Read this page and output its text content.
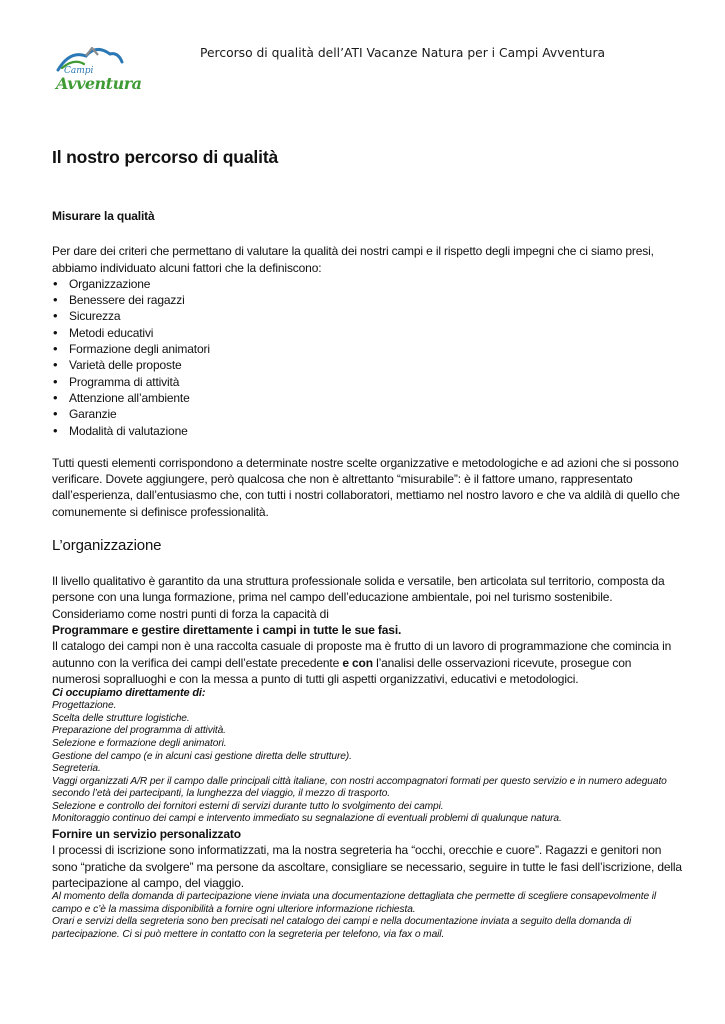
Campi
Avventura
Percorso di qualità dell’ATI Vacanze Natura per i Campi Avventura
Il nostro percorso di qualità
Misurare la qualità

Per dare dei criteri che permettano di valutare la qualità dei nostri campi e il rispetto degli impegni che ci siamo presi, abbiamo individuato alcuni fattori che la definiscono:

• Organizzazione
• Benessere dei ragazzi
• Sicurezza
• Metodi educativi
• Formazione degli animatori
• Varietà delle proposte
• Programma di attività
• Attenzione all’ambiente
• Garanzie
• Modalità di valutazione

Tutti questi elementi corrispondono a determinate nostre scelte organizzative e metodologiche e ad azioni che si possono verificare. Dovete aggiungere, però qualcosa che non è altrettanto “misurabile”: è il fattore umano, rappresentato dall’esperienza, dall’entusiasmo che, con tutti i nostri collaboratori, mettiamo nel nostro lavoro e che va aldilà di quello che comunemente si definisce professionalità.

L’organizzazione

Il livello qualitativo è garantito da una struttura professionale solida e versatile, ben articolata sul territorio, composta da persone con una lunga formazione, prima nel campo dell’educazione ambientale, poi nel turismo sostenibile.

Consideriamo come nostri punti di forza la capacità di

Programmare e gestire direttamente i campi in tutte le sue fasi.

Il catalogo dei campi non è una raccolta casuale di proposte ma è frutto di un lavoro di programmazione che comincia in autunno con la verifica dei campi dell’estate precedente e con l’analisi delle osservazioni ricevute, prosegue con numerosi sopralluoghi e con la messa a punto di tutti gli aspetti organizzativi, educativi e metodologici.

Ci occupiamo direttamente di:
Progettazione.
Scelta delle strutture logistiche.
Preparazione del programma di attività.
Selezione e formazione degli animatori.
Gestione del campo (e in alcuni casi gestione diretta delle strutture).
Segreteria.
Vaggi organizzati A/R per il campo dalle principali città italiane, con nostri accompagnatori formati per questo servizio e in numero adeguato secondo l’età dei partecipanti, la lunghezza del viaggio, il mezzo di trasporto.
Selezione e controllo dei fornitori esterni di servizi durante tutto lo svolgimento dei campi.
Monitoraggio continuo dei campi e intervento immediato su segnalazione di eventuali problemi di qualunque natura.

Fornire un servizio personalizzato

I processi di iscrizione sono informatizzati, ma la nostra segreteria ha “occhi, orecchie e cuore”. Ragazzi e genitori non sono “pratiche da svolgere” ma persone da ascoltare, consigliare se necessario, seguire in tutte le fasi dell’iscrizione, della partecipazione al campo, del viaggio.

Al momento della domanda di partecipazione viene inviata una documentazione dettagliata che permette di scegliere consapevolmente il campo e c’è la massima disponibilità a fornire ogni ulteriore informazione richiesta.
Orari e servizi della segreteria sono ben precisati nel catalogo dei campi e nella documentazione inviata a seguito della domanda di partecipazione. Ci si può mettere in contatto con la segreteria per telefono, via fax o mail.
